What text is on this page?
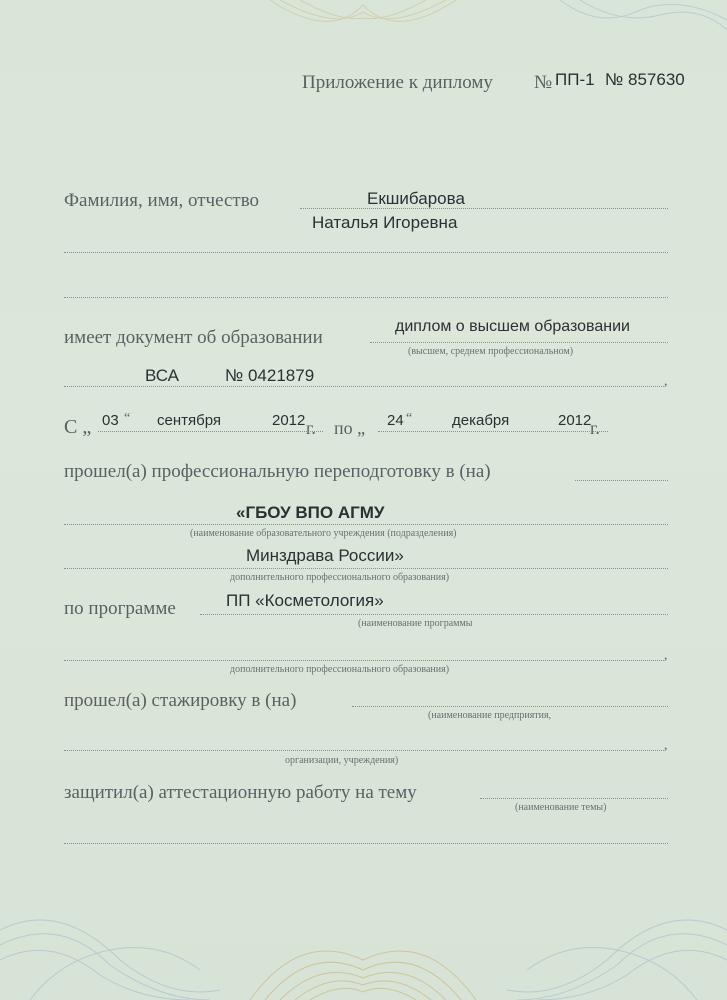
Приложение к диплому № ПП-1 № 857630
Фамилия, имя, отчество	Екшибарова
Наталья Игоревна
имеет документ об образовании
диплом о высшем образовании
(высшем, среднем профессиональном)
ВСА	№ 0421879	,
С „ 03 “ сентября	2012 г. по „ 24 “	декабря	2012
г.
прошел(а) профессиональную переподготовку в (на)
«ГБОУ ВПО АГМУ
(наименование образовательного учреждения (подразделения)
Минздрава России»
дополнительного профессионального образования)
по программе	ПП «Косметология»
(наименование программы
,
дополнительного профессионального образования)
прошел(а) стажировку в (на)
(наименование предприятия,
,
организации, учреждения)
защитил(а) аттестационную работу на тему
(наименование темы)
